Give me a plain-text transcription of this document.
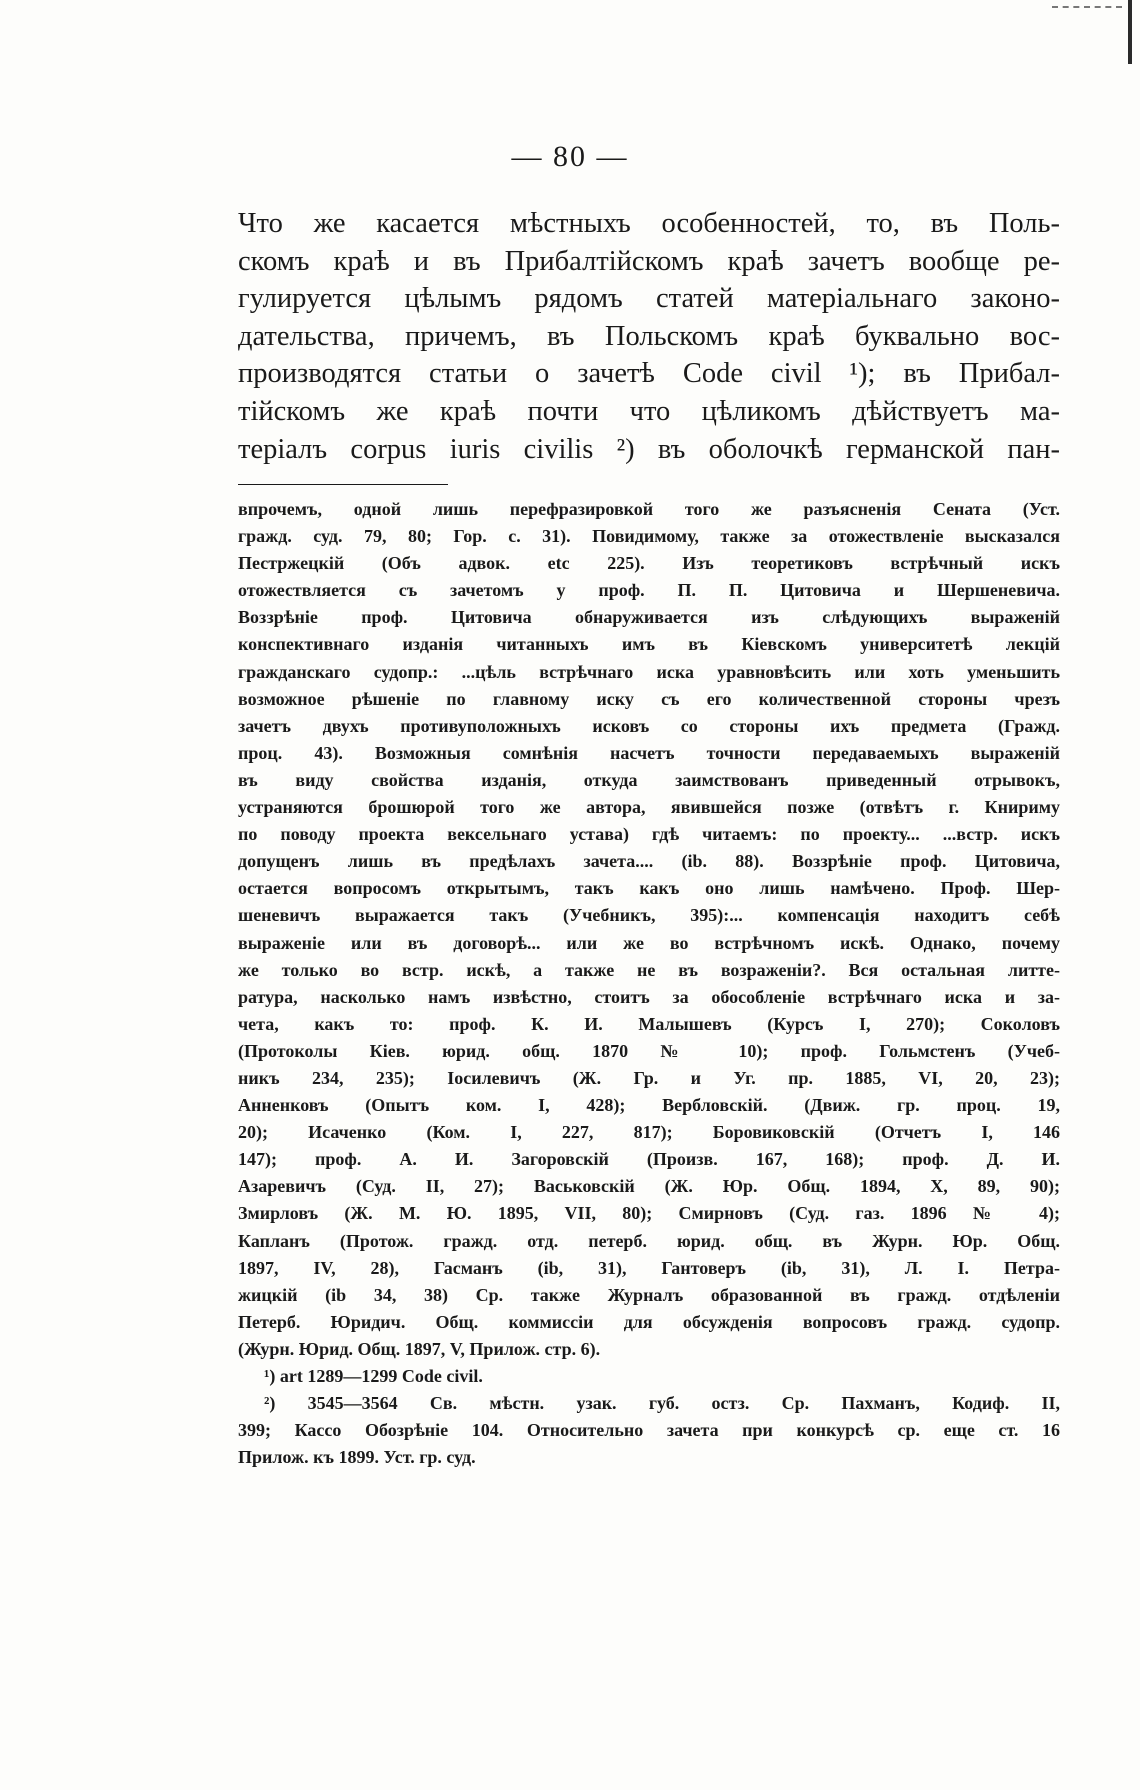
— 80 —
Что же касается мѣстныхъ особенностей, то, въ Поль-
скомъ краѣ и въ Прибалтійскомъ краѣ зачетъ вообще ре-
гулируется цѣлымъ рядомъ статей матеріальнаго законо-
дательства, причемъ, въ Польскомъ краѣ буквально вос-
производятся статьи о зачетѣ Code civil ¹); въ Прибал-
тійскомъ же краѣ почти что цѣликомъ дѣйствуетъ ма-
теріалъ corpus iuris civilis ²) въ оболочкѣ германской пан-
впрочемъ, одной лишь перефразировкой того же разъясненія Сената (Уст.
гражд. суд. 79, 80; Гор. с. 31). Повидимому, также за отожествленіе высказался
Пестржецкій (Объ адвок. etc 225). Изъ теоретиковъ встрѣчный искъ
отожествляется съ зачетомъ у проф. П. П. Цитовича и Шершеневича.
Воззрѣніе проф. Цитовича обнаруживается изъ слѣдующихъ выраженій
конспективнаго изданія читанныхъ имъ въ Кіевскомъ университетѣ лекцій
гражданскаго судопр.: ...цѣль встрѣчнаго иска уравновѣсить или хоть уменьшить
возможное рѣшеніе по главному иску съ его количественной стороны чрезъ
зачетъ двухъ противуположныхъ исковъ со стороны ихъ предмета (Гражд.
проц. 43). Возможныя сомнѣнія насчетъ точности передаваемыхъ выраженій
въ виду свойства изданія, откуда заимствованъ приведенный отрывокъ,
устраняются брошюрой того же автора, явившейся позже (отвѣтъ г. Книриму
по поводу проекта вексельнаго устава) гдѣ читаемъ: по проекту... ...встр. искъ
допущенъ лишь въ предѣлахъ зачета.... (ib. 88). Воззрѣніе проф. Цитовича,
остается вопросомъ открытымъ, такъ какъ оно лишь намѣчено. Проф. Шер-
шеневичъ выражается такъ (Учебникъ, 395):... компенсація находитъ себѣ
выраженіе или въ договорѣ... или же во встрѣчномъ искѣ. Однако, почему
же только во встр. искѣ, а также не въ возраженіи?. Вся остальная литте-
ратура, насколько намъ извѣстно, стоитъ за обособленіе встрѣчнаго иска и за-
чета, какъ то: проф. К. И. Малышевъ (Курсъ I, 270); Соколовъ
(Протоколы Кіев. юрид. общ. 1870 № 10); проф. Гольмстенъ (Учеб-
никъ 234, 235); Іосилевичъ (Ж. Гр. и Уг. пр. 1885, VI, 20, 23);
Анненковъ (Опытъ ком. I, 428); Вербловскій. (Движ. гр. проц. 19,
20); Исаченко (Ком. I, 227, 817); Боровиковскій (Отчетъ I, 146
147); проф. А. И. Загоровскій (Произв. 167, 168); проф. Д. И.
Азаревичъ (Суд. II, 27); Васьковскій (Ж. Юр. Общ. 1894, X, 89, 90);
Змирловъ (Ж. М. Ю. 1895, VII, 80); Смирновъ (Суд. газ. 1896 № 4);
Капланъ (Протож. гражд. отд. петерб. юрид. общ. въ Журн. Юр. Общ.
1897, IV, 28), Гасманъ (ib, 31), Гантоверъ (ib, 31), Л. І. Петра-
жицкій (ib 34, 38) Ср. также Журналъ образованной въ гражд. отдѣленіи
Петерб. Юридич. Общ. коммиссіи для обсужденія вопросовъ гражд. судопр.
(Журн. Юрид. Общ. 1897, V, Прилож. стр. 6).
¹) art 1289—1299 Code civil.
²) 3545—3564 Св. мѣстн. узак. губ. остз. Ср. Пахманъ, Кодиф. II,
399; Кассо Обозрѣніе 104. Относительно зачета при конкурсѣ ср. еще ст. 16
Прилож. къ 1899. Уст. гр. суд.
